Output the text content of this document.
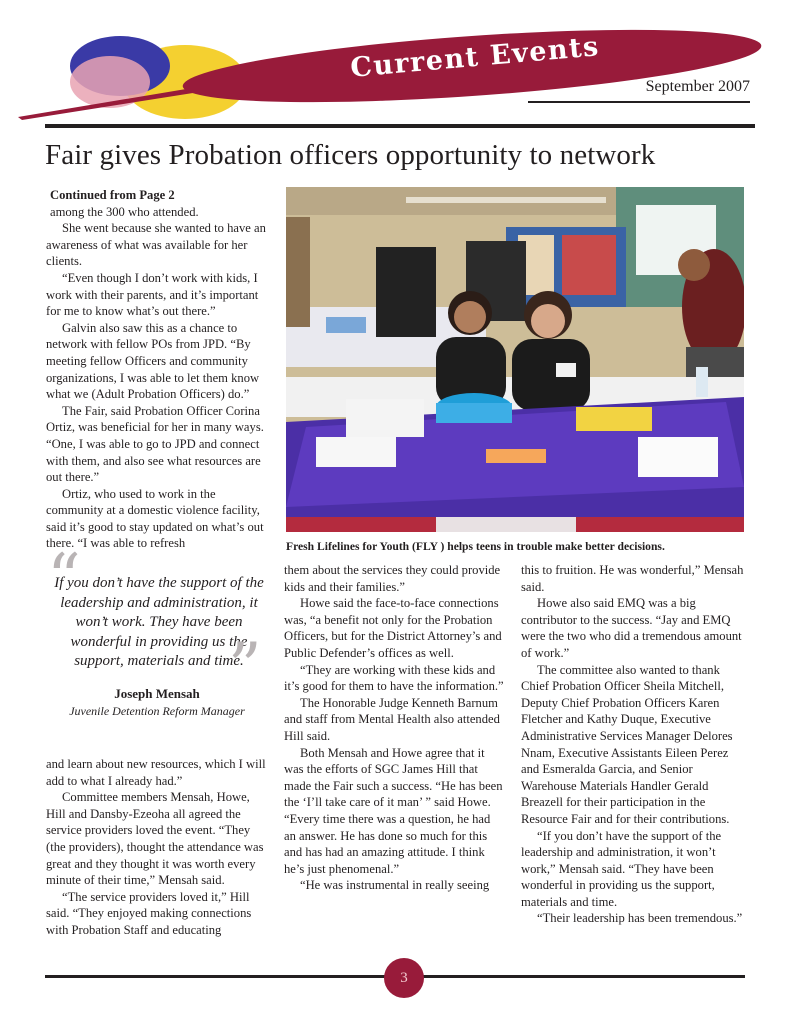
Current Events
September 2007
Fair gives Probation officers opportunity to network

Continued from Page 2

among the 300 who attended.

She went because she wanted to have an awareness of what was available for her clients.

“Even though I don’t work with kids, I work with their parents, and it’s important for me to know what’s out there.”

Galvin also saw this as a chance to network with fellow POs from JPD. “By meeting fellow Officers and community organizations, I was able to let them know what we (Adult Probation Officers) do.”

The Fair, said Probation Officer Corina Ortiz, was beneficial for her in many ways. “One, I was able to go to JPD and connect with them, and also see what resources are out there.”

Ortiz, who used to work in the community at a domestic violence facility, said it’s good to stay updated on what’s out there. “I was able to refresh	Fresh Lifelines for Youth (FLY ) helps teens in trouble make better decisions.
“
If you don’t have the support of the leadership and administration, it won’t work. They have been wonderful in providing us the support, materials and time.
”
Joseph Mensah
Juvenile Detention Reform Manager

and learn about new resources, which I will add to what I already had.”

Committee members Mensah, Howe, Hill and Dansby-Ezeoha all agreed the service providers loved the event. “They (the providers), thought the attendance was great and they thought it was worth every minute of their time,” Mensah said.

“The service providers loved it,” Hill said. “They enjoyed making connections with Probation Staff and educating

them about the services they could provide kids and their families.”

Howe said the face-to-face connections was, “a benefit not only for the Probation Officers, but for the District Attorney’s and Public Defender’s offices as well.

“They are working with these kids and it’s good for them to have the information.”

The Honorable Judge Kenneth Barnum and staff from Mental Health also attended Hill said.

Both Mensah and Howe agree that it was the efforts of SGC James Hill that made the Fair such a success. “He has been the ‘I’ll take care of it man’ ” said Howe. “Every time there was a question, he had an answer. He has done so much for this and has had an amazing attitude. I think he’s just phenomenal.”

“He was instrumental in really seeing

this to fruition. He was wonderful,” Mensah said.

Howe also said EMQ was a big contributor to the success. “Jay and EMQ were the two who did a tremendous amount of work.”

The committee also wanted to thank Chief Probation Officer Sheila Mitchell, Deputy Chief Probation Officers Karen Fletcher and Kathy Duque, Executive Administrative Services Manager Delores Nnam, Executive Assistants Eileen Perez and Esmeralda Garcia, and Senior Warehouse Materials Handler Gerald Breazell for their participation in the Resource Fair and for their contributions.

“If you don’t have the support of the leadership and administration, it won’t work,” Mensah said. “They have been wonderful in providing us the support, materials and time.

“Their leadership has been tremendous.”

3
